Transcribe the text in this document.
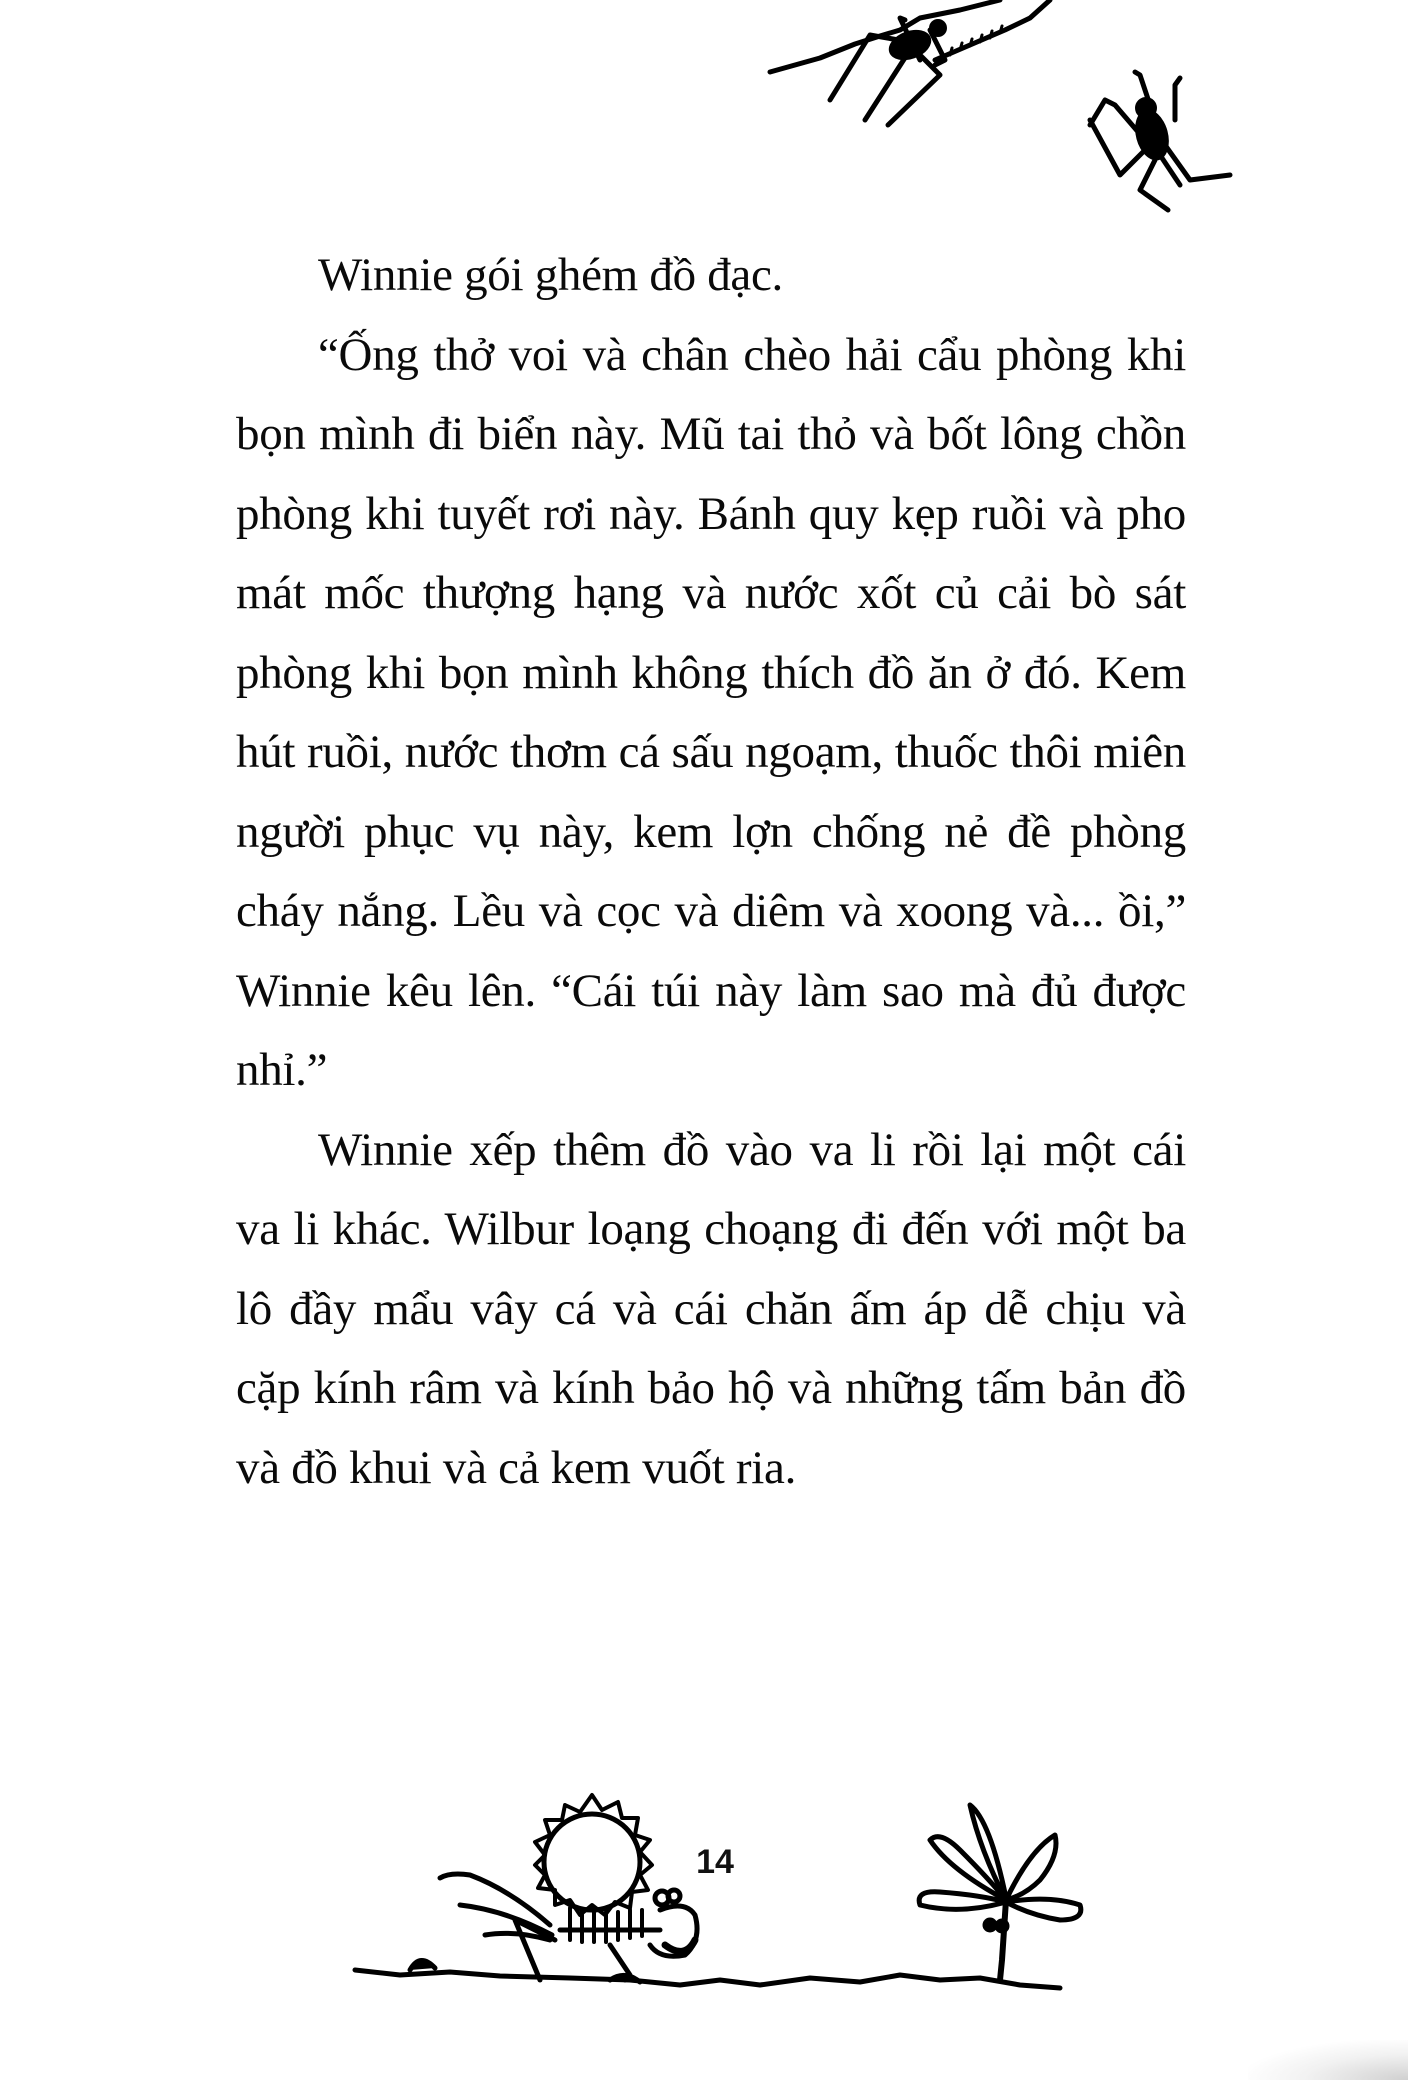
Winnie gói ghém đồ đạc.

“Ống thở voi và chân chèo hải cẩu phòng khi bọn mình đi biển này. Mũ tai thỏ và bốt lông chồn phòng khi tuyết rơi này. Bánh quy kẹp ruồi và pho mát mốc thượng hạng và nước xốt củ cải bò sát phòng khi bọn mình không thích đồ ăn ở đó. Kem hút ruồi, nước thơm cá sấu ngoạm, thuốc thôi miên người phục vụ này, kem lợn chống nẻ đề phòng cháy nắng. Lều và cọc và diêm và xoong và... ồi,” Winnie kêu lên. “Cái túi này làm sao mà đủ được nhỉ.”

Winnie xếp thêm đồ vào va li rồi lại một cái va li khác. Wilbur loạng choạng đi đến với một ba lô đầy mẩu vây cá và cái chăn ấm áp dễ chịu và cặp kính râm và kính bảo hộ và những tấm bản đồ và đồ khui và cả kem vuốt ria.

14
